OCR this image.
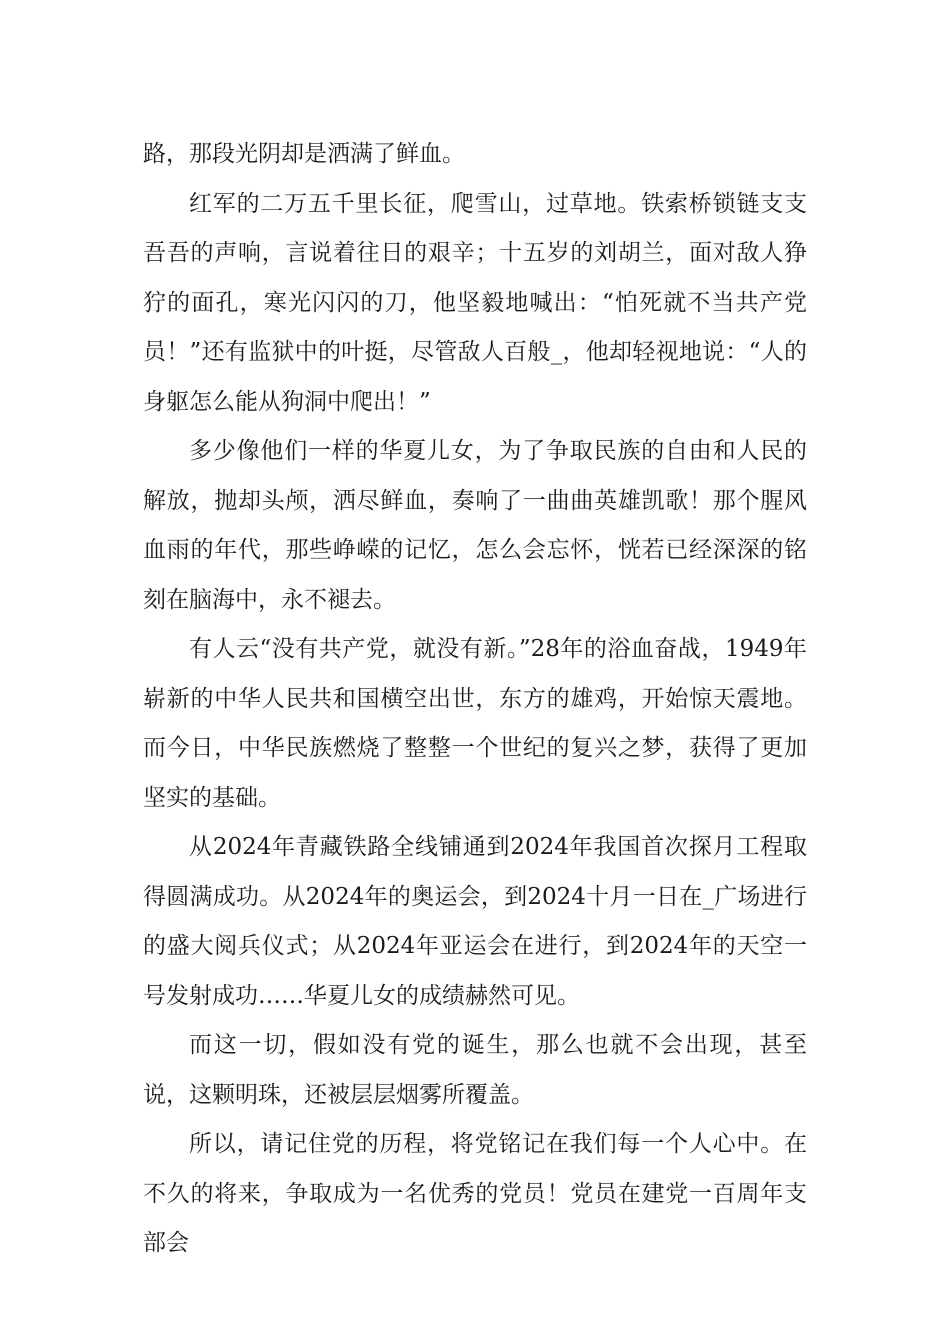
路，那段光阴却是洒满了鲜血。

红军的二万五千里长征，爬雪山，过草地。铁索桥锁链支支吾吾的声响，言说着往日的艰辛；十五岁的刘胡兰，面对敌人狰狞的面孔，寒光闪闪的刀，他坚毅地喊出：“怕死就不当共产党员！”还有监狱中的叶挺，尽管敌人百般_，他却轻视地说：“人的身躯怎么能从狗洞中爬出！”

多少像他们一样的华夏儿女，为了争取民族的自由和人民的解放，抛却头颅，洒尽鲜血，奏响了一曲曲英雄凯歌！那个腥风血雨的年代，那些峥嵘的记忆，怎么会忘怀，恍若已经深深的铭刻在脑海中，永不褪去。

有人云“没有共产党，就没有新。”28年的浴血奋战，1949年崭新的中华人民共和国横空出世，东方的雄鸡，开始惊天震地。而今日，中华民族燃烧了整整一个世纪的复兴之梦，获得了更加坚实的基础。

从2024年青藏铁路全线铺通到2024年我国首次探月工程取得圆满成功。从2024年的奥运会，到2024十月一日在_广场进行的盛大阅兵仪式；从2024年亚运会在进行，到2024年的天空一号发射成功……华夏儿女的成绩赫然可见。

而这一切，假如没有党的诞生，那么也就不会出现，甚至说，这颗明珠，还被层层烟雾所覆盖。

所以，请记住党的历程，将党铭记在我们每一个人心中。在不久的将来，争取成为一名优秀的党员！党员在建党一百周年支部会
